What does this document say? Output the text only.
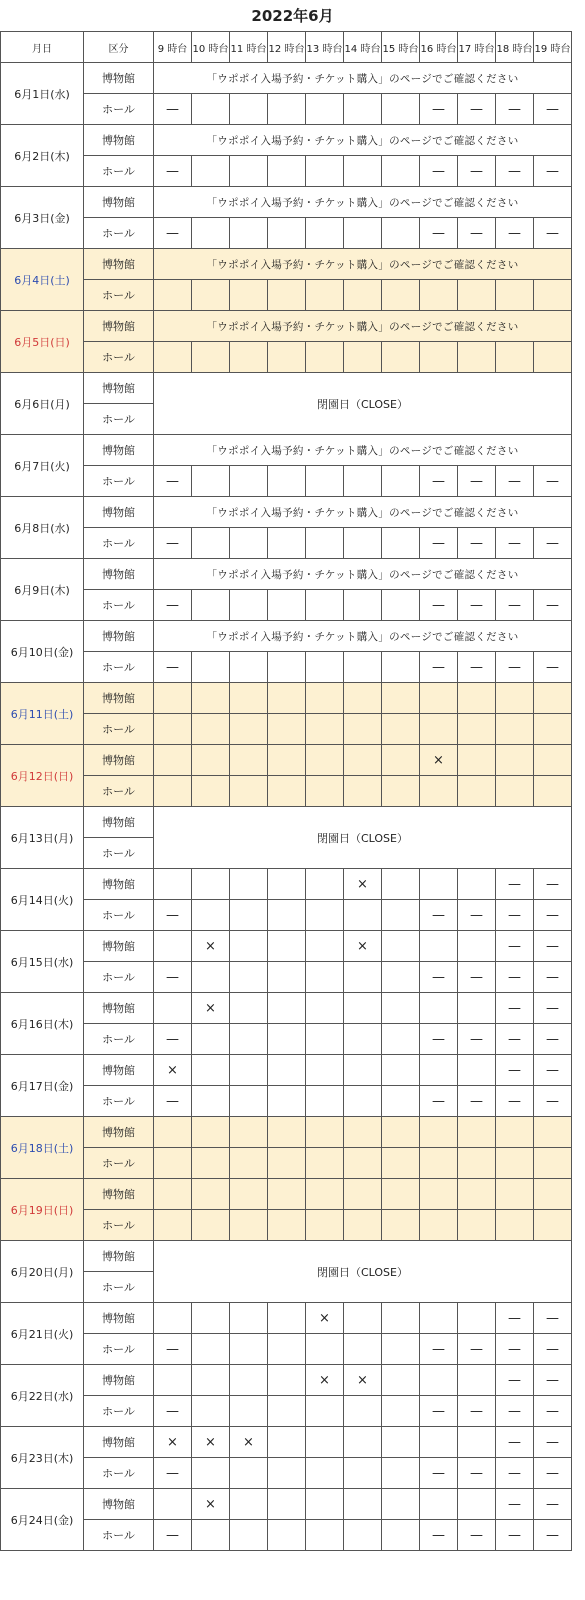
2022年6月
月日	区分	9 時台	10 時台	11 時台	12 時台	13 時台	14 時台	15 時台	16 時台	17 時台	18 時台	19 時台
6月1日(水)	博物館	「ウポポイ入場予約・チケット購入」のページでご確認ください										
	ホール	—							—	—	—	—
6月2日(木)	博物館	「ウポポイ入場予約・チケット購入」のページでご確認ください										
	ホール	—							—	—	—	—
6月3日(金)	博物館	「ウポポイ入場予約・チケット購入」のページでご確認ください										
	ホール	—							—	—	—	—
6月4日(土)	博物館	「ウポポイ入場予約・チケット購入」のページでご確認ください										
	ホール											
6月5日(日)	博物館	「ウポポイ入場予約・チケット購入」のページでご確認ください										
	ホール											
6月6日(月)	博物館	閉園日（CLOSE）										
	ホール											
6月7日(火)	博物館	「ウポポイ入場予約・チケット購入」のページでご確認ください										
	ホール	—							—	—	—	—
6月8日(水)	博物館	「ウポポイ入場予約・チケット購入」のページでご確認ください										
	ホール	—							—	—	—	—
6月9日(木)	博物館	「ウポポイ入場予約・チケット購入」のページでご確認ください										
	ホール	—							—	—	—	—
6月10日(金)	博物館	「ウポポイ入場予約・チケット購入」のページでご確認ください										
	ホール	—							—	—	—	—
6月11日(土)	博物館											
	ホール											
6月12日(日)	博物館								×			
	ホール											
6月13日(月)	博物館	閉園日（CLOSE）										
	ホール											
6月14日(火)	博物館						×				—	—
	ホール	—							—	—	—	—
6月15日(水)	博物館		×				×				—	—
	ホール	—							—	—	—	—
6月16日(木)	博物館		×								—	—
	ホール	—							—	—	—	—
6月17日(金)	博物館	×									—	—
	ホール	—							—	—	—	—
6月18日(土)	博物館											
	ホール											
6月19日(日)	博物館											
	ホール											
6月20日(月)	博物館	閉園日（CLOSE）										
	ホール											
6月21日(火)	博物館					×					—	—
	ホール	—							—	—	—	—
6月22日(水)	博物館					×	×				—	—
	ホール	—							—	—	—	—
6月23日(木)	博物館	×	×	×							—	—
	ホール	—							—	—	—	—
6月24日(金)	博物館		×								—	—
	ホール	—							—	—	—	—
